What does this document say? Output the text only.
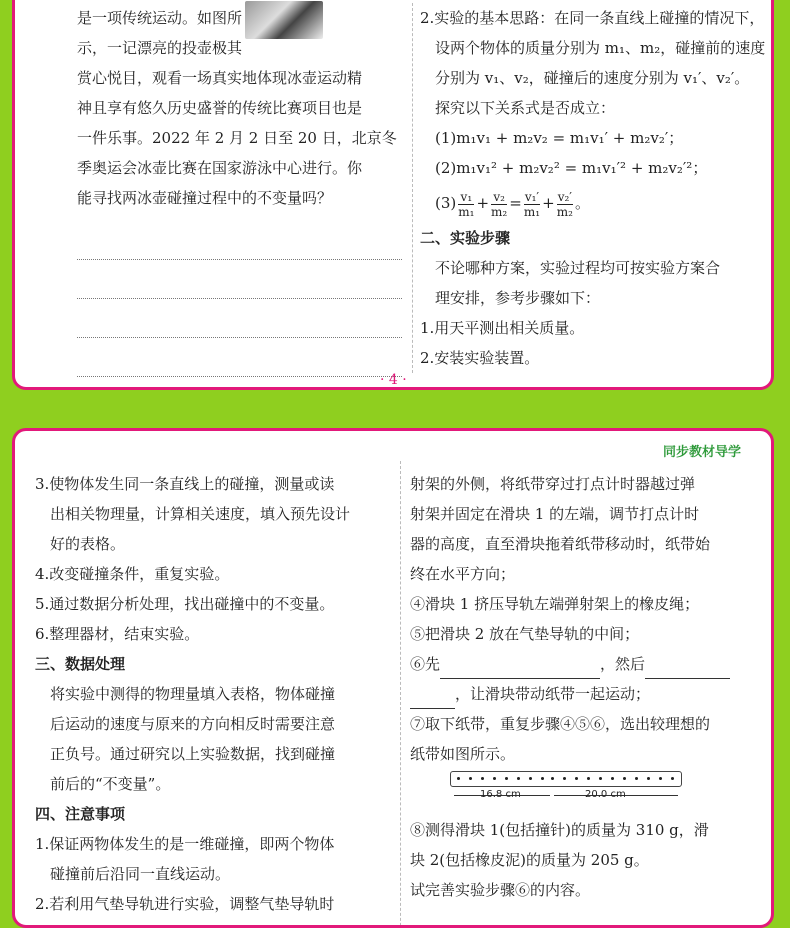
是一项传统运动。如图所
示，一记漂亮的投壶极其
赏心悦目，观看一场真实地体现冰壶运动精
神且享有悠久历史盛誉的传统比赛项目也是
一件乐事。2022 年 2 月 2 日至 20 日，北京冬
季奥运会冰壶比赛在国家游泳中心进行。你
能寻找两冰壶碰撞过程中的不变量吗？
2.实验的基本思路：在同一条直线上碰撞的情况下，
设两个物体的质量分别为 m₁、m₂，碰撞前的速度
分别为 v₁、v₂，碰撞后的速度分别为 v₁′、v₂′。
探究以下关系式是否成立：
(1)m₁v₁ + m₂v₂ = m₁v₁′ + m₂v₂′；
(2)m₁v₁² + m₂v₂² = m₁v₁′² + m₂v₂′²；
$(3) \frac{\text{v₁}}{\text{m₁}} + \frac{\text{v₂}}{\text{m₂}} = \frac{\text{v₁′}}{\text{m₁}} + \frac{\text{v₂′}}{\text{m₂}}$ 。
二、实验步骤
不论哪种方案，实验过程均可按实验方案合
理安排，参考步骤如下：
1.用天平测出相关质量。
2.安装实验装置。
· 4 ·
同步教材导学
3.使物体发生同一条直线上的碰撞，测量或读
出相关物理量，计算相关速度，填入预先设计
好的表格。
4.改变碰撞条件，重复实验。
5.通过数据分析处理，找出碰撞中的不变量。
6.整理器材，结束实验。
三、数据处理
将实验中测得的物理量填入表格，物体碰撞
后运动的速度与原来的方向相反时需要注意
正负号。通过研究以上实验数据，找到碰撞
前后的“不变量”。
四、注意事项
1.保证两物体发生的是一维碰撞，即两个物体
碰撞前后沿同一直线运动。
2.若利用气垫导轨进行实验，调整气垫导轨时
射架的外侧，将纸带穿过打点计时器越过弹
射架并固定在滑块 1 的左端，调节打点计时
器的高度，直至滑块拖着纸带移动时，纸带始
终在水平方向；
④滑块 1 挤压导轨左端弹射架上的橡皮绳；
⑤把滑块 2 放在气垫导轨的中间；
⑥先	，然后
，让滑块带动纸带一起运动；
⑦取下纸带，重复步骤④⑤⑥，选出较理想的
纸带如图所示。
16.8 cm	20.0 cm
⑧测得滑块 1(包括撞针)的质量为 310 g，滑
块 2(包括橡皮泥)的质量为 205 g。
试完善实验步骤⑥的内容。
